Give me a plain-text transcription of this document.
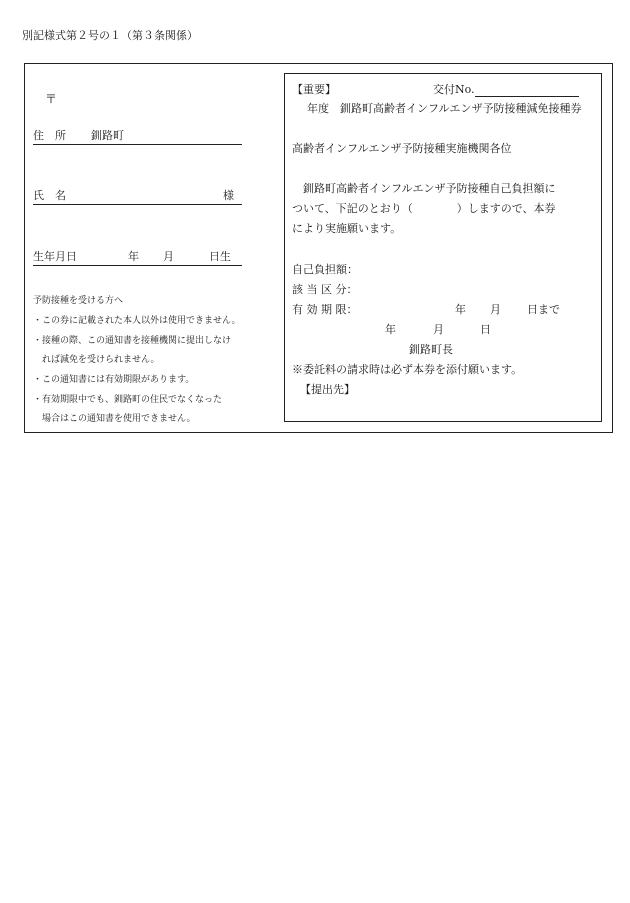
別記様式第２号の１（第３条関係）
〒
住　所 釧路町
氏　名	様
生年月日	年 月	日生
予防接種を受ける方へ
・この券に記載された本人以外は使用できません。
・接種の際、この通知書を接種機関に提出しなけ
　れば減免を受けられません。
・この通知書には有効期限があります。
・有効期限中でも、釧路町の住民でなくなった
　場合はこの通知書を使用できません。
【重要】	交付No.
　年度　釧路町高齢者インフルエンザ予防接種減免接種券
高齢者インフルエンザ予防接種実施機関各位
　釧路町高齢者インフルエンザ予防接種自己負担額に
ついて、下記のとおり（　　　　）しますので、本券
により実施願います。
自己負担額：
該 当 区 分：
有 効 期 限：	年 月 日まで
年	月	日
釧路町長
※委託料の請求時は必ず本券を添付願います。
【提出先】
